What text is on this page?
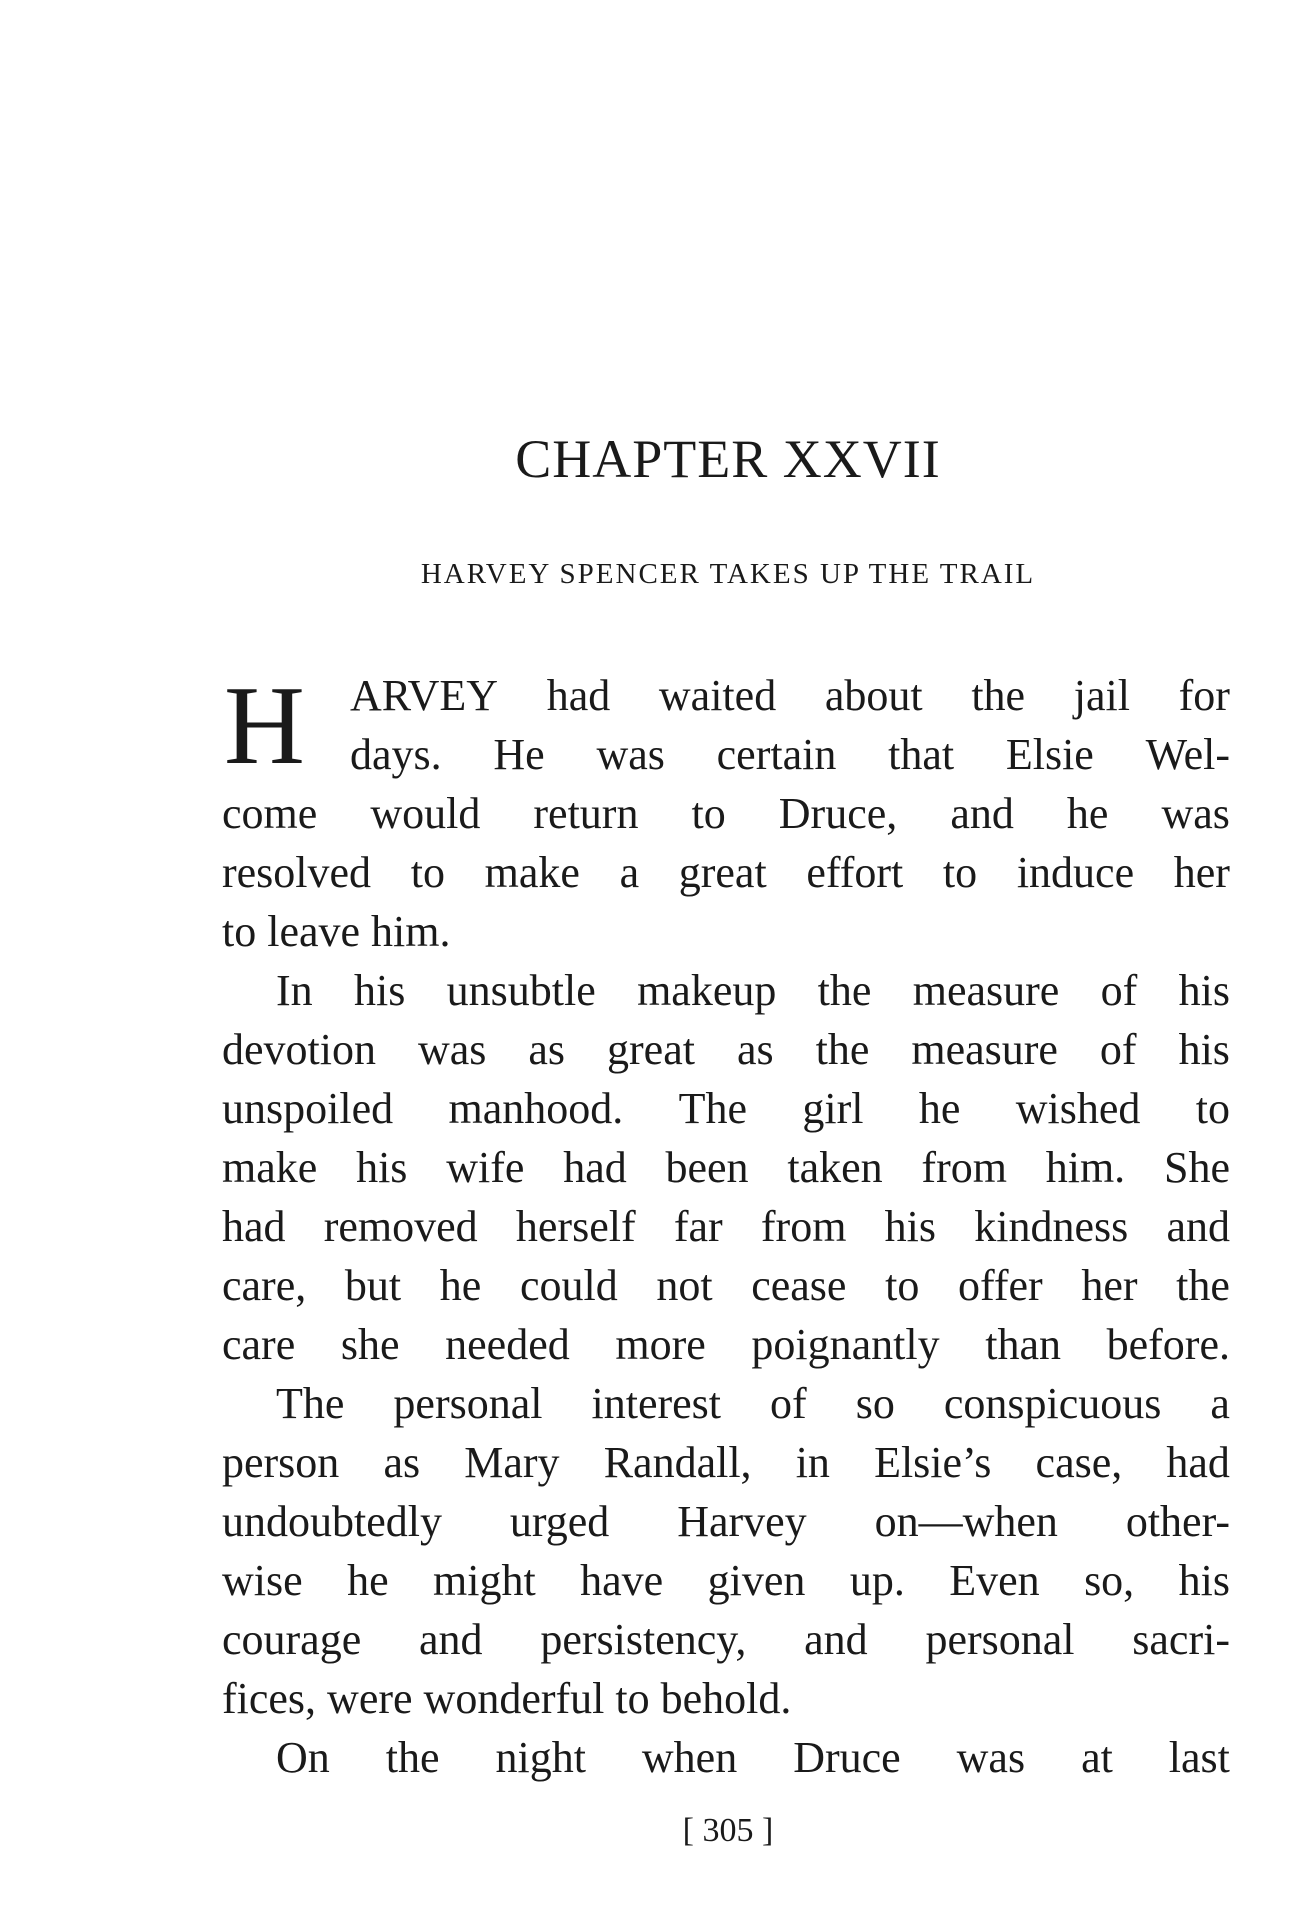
CHAPTER XXVII
HARVEY SPENCER TAKES UP THE TRAIL
H ARVEY had waited about the jail for
days. He was certain that Elsie Wel-
come would return to Druce, and he was
resolved to make a great effort to induce her
to leave him.
In his unsubtle makeup the measure of his
devotion was as great as the measure of his
unspoiled manhood. The girl he wished to
make his wife had been taken from him. She
had removed herself far from his kindness and
care, but he could not cease to offer her the
care she needed more poignantly than before.
The personal interest of so conspicuous a
person as Mary Randall, in Elsie’s case, had
undoubtedly urged Harvey on—when other-
wise he might have given up. Even so, his
courage and persistency, and personal sacri-
fices, were wonderful to behold.
On the night when Druce was at last
[ 305 ]
